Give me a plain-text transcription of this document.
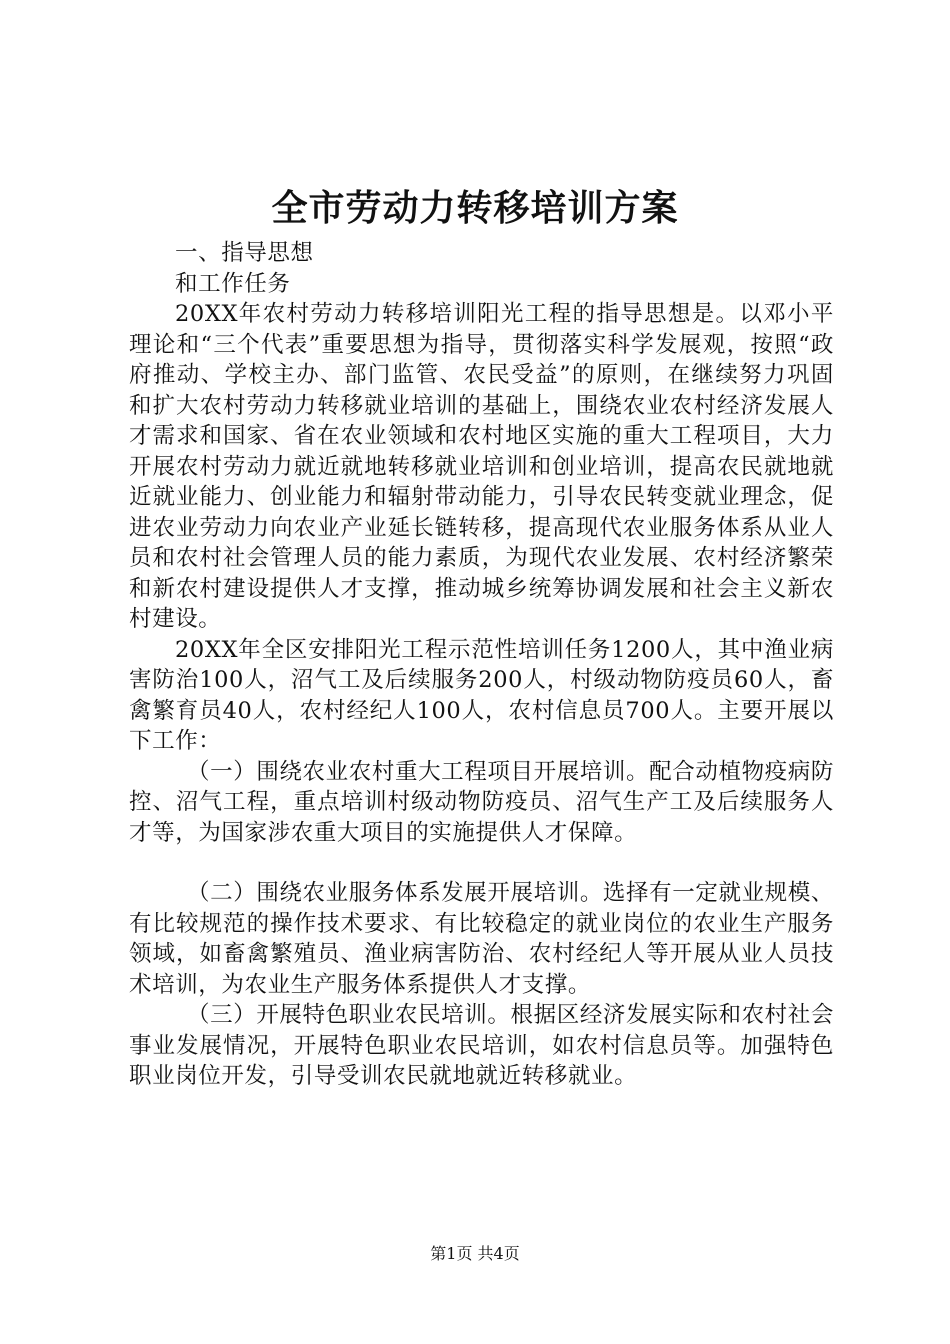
全市劳动力转移培训方案

一、指导思想

和工作任务

20XX年农村劳动力转移培训阳光工程的指导思想是。以邓小平理论和“三个代表”重要思想为指导，贯彻落实科学发展观，按照“政府推动、学校主办、部门监管、农民受益”的原则，在继续努力巩固和扩大农村劳动力转移就业培训的基础上，围绕农业农村经济发展人才需求和国家、省在农业领域和农村地区实施的重大工程项目，大力开展农村劳动力就近就地转移就业培训和创业培训，提高农民就地就近就业能力、创业能力和辐射带动能力，引导农民转变就业理念，促进农业劳动力向农业产业延长链转移，提高现代农业服务体系从业人员和农村社会管理人员的能力素质，为现代农业发展、农村经济繁荣和新农村建设提供人才支撑，推动城乡统筹协调发展和社会主义新农村建设。

20XX年全区安排阳光工程示范性培训任务1200人，其中渔业病害防治100人，沼气工及后续服务200人，村级动物防疫员60人，畜禽繁育员40人，农村经纪人100人，农村信息员700人。主要开展以下工作：

（一）围绕农业农村重大工程项目开展培训。配合动植物疫病防控、沼气工程，重点培训村级动物防疫员、沼气生产工及后续服务人才等，为国家涉农重大项目的实施提供人才保障。

（二）围绕农业服务体系发展开展培训。选择有一定就业规模、有比较规范的操作技术要求、有比较稳定的就业岗位的农业生产服务领域，如畜禽繁殖员、渔业病害防治、农村经纪人等开展从业人员技术培训，为农业生产服务体系提供人才支撑。

（三）开展特色职业农民培训。根据区经济发展实际和农村社会事业发展情况，开展特色职业农民培训，如农村信息员等。加强特色职业岗位开发，引导受训农民就地就近转移就业。

第1页 共4页
